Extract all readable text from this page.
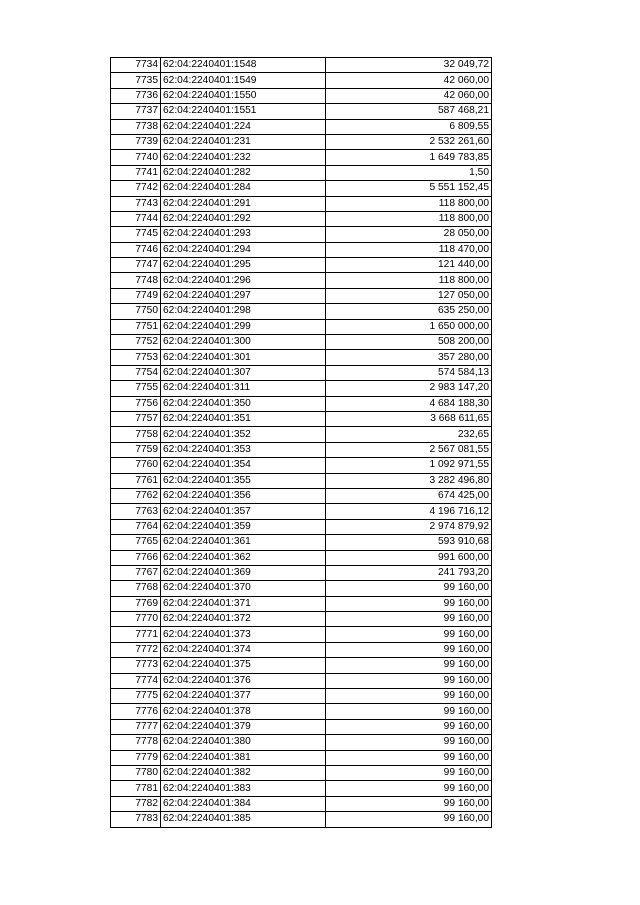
7734	62:04:2240401:1548	32 049,72
7735	62:04:2240401:1549	42 060,00
7736	62:04:2240401:1550	42 060,00
7737	62:04:2240401:1551	587 468,21
7738	62:04:2240401:224	6 809,55
7739	62:04:2240401:231	2 532 261,60
7740	62:04:2240401:232	1 649 783,85
7741	62:04:2240401:282	1,50
7742	62:04:2240401:284	5 551 152,45
7743	62:04:2240401:291	118 800,00
7744	62:04:2240401:292	118 800,00
7745	62:04:2240401:293	28 050,00
7746	62:04:2240401:294	118 470,00
7747	62:04:2240401:295	121 440,00
7748	62:04:2240401:296	118 800,00
7749	62:04:2240401:297	127 050,00
7750	62:04:2240401:298	635 250,00
7751	62:04:2240401:299	1 650 000,00
7752	62:04:2240401:300	508 200,00
7753	62:04:2240401:301	357 280,00
7754	62:04:2240401:307	574 584,13
7755	62:04:2240401:311	2 983 147,20
7756	62:04:2240401:350	4 684 188,30
7757	62:04:2240401:351	3 668 611,65
7758	62:04:2240401:352	232,65
7759	62:04:2240401:353	2 567 081,55
7760	62:04:2240401:354	1 092 971,55
7761	62:04:2240401:355	3 282 496,80
7762	62:04:2240401:356	674 425,00
7763	62:04:2240401:357	4 196 716,12
7764	62:04:2240401:359	2 974 879,92
7765	62:04:2240401:361	593 910,68
7766	62:04:2240401:362	991 600,00
7767	62:04:2240401:369	241 793,20
7768	62:04:2240401:370	99 160,00
7769	62:04:2240401:371	99 160,00
7770	62:04:2240401:372	99 160,00
7771	62:04:2240401:373	99 160,00
7772	62:04:2240401:374	99 160,00
7773	62:04:2240401:375	99 160,00
7774	62:04:2240401:376	99 160,00
7775	62:04:2240401:377	99 160,00
7776	62:04:2240401:378	99 160,00
7777	62:04:2240401:379	99 160,00
7778	62:04:2240401:380	99 160,00
7779	62:04:2240401:381	99 160,00
7780	62:04:2240401:382	99 160,00
7781	62:04:2240401:383	99 160,00
7782	62:04:2240401:384	99 160,00
7783	62:04:2240401:385	99 160,00
